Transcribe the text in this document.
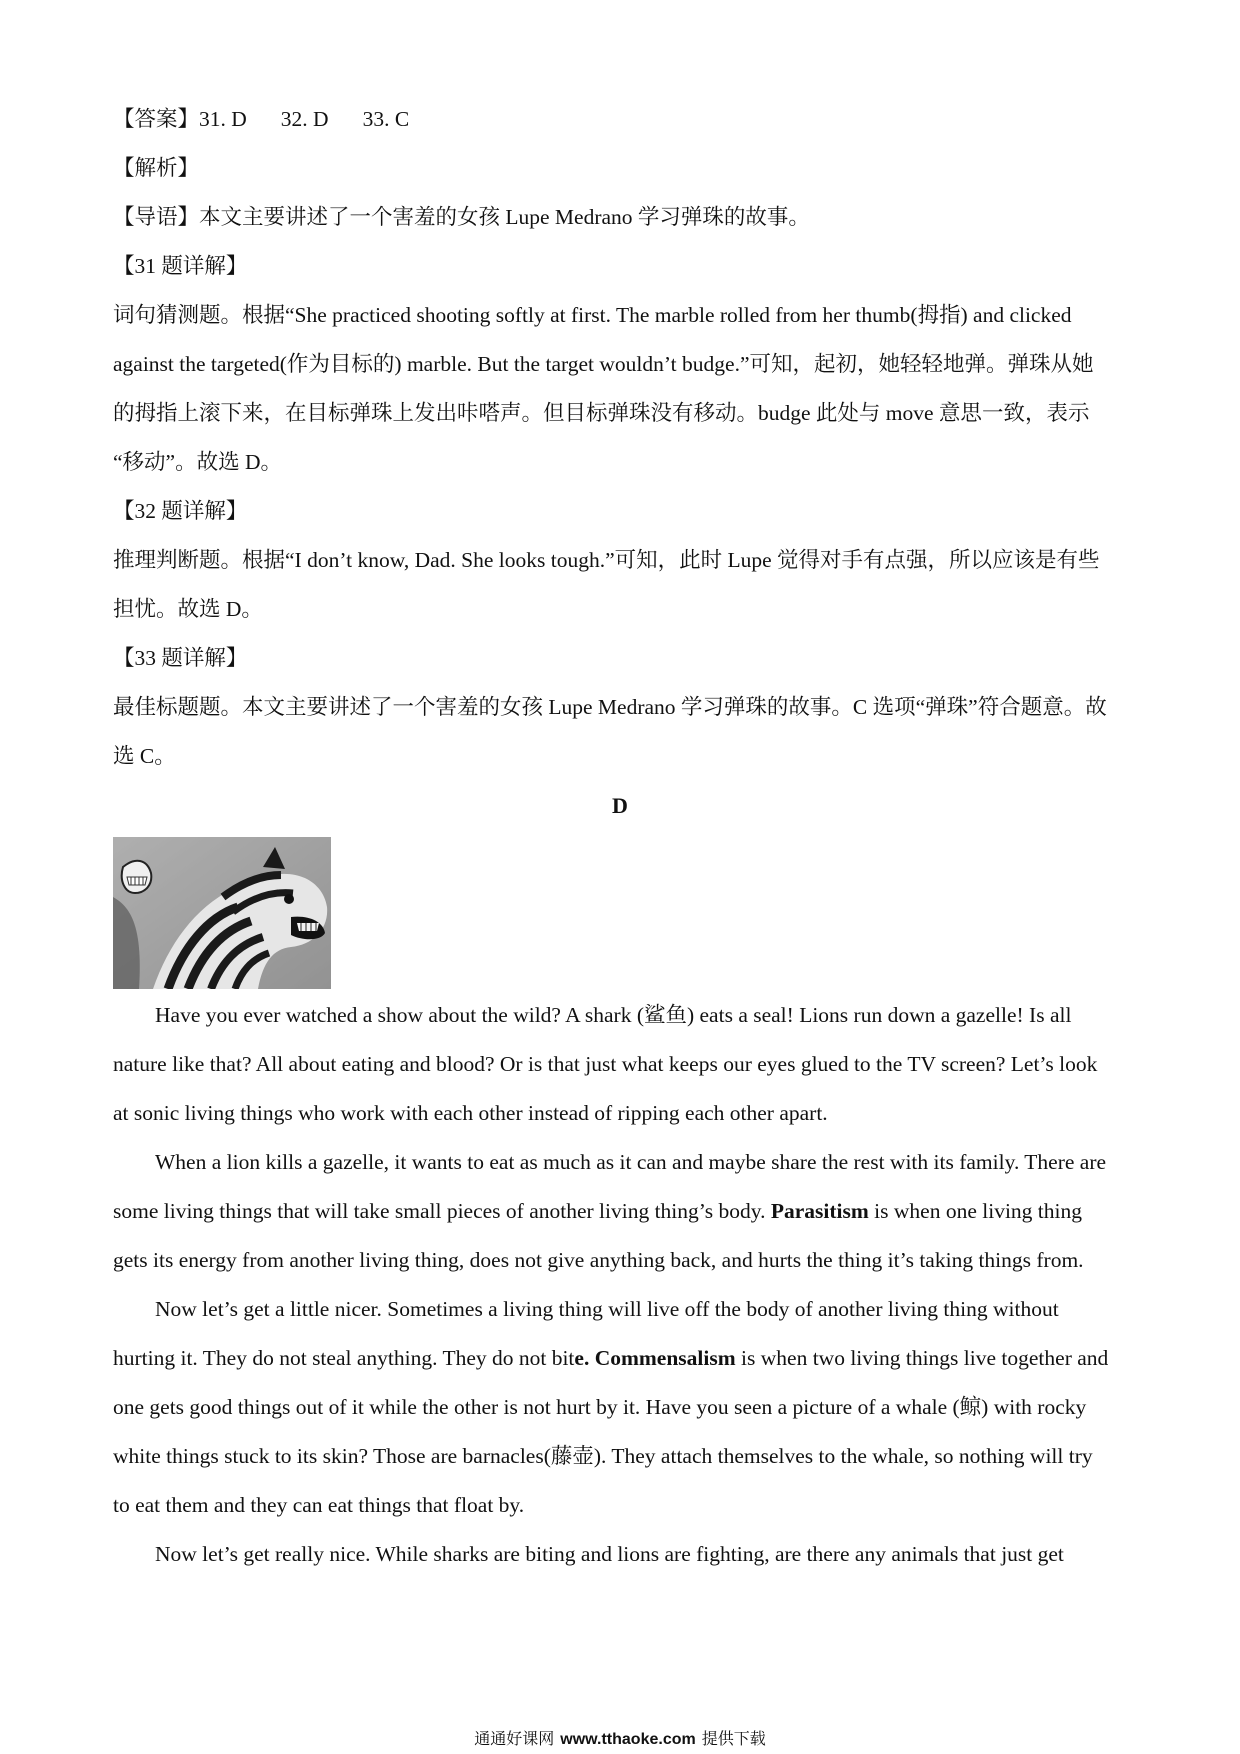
【答案】31. D 32. D 33. C
【解析】
【导语】本文主要讲述了一个害羞的女孩 Lupe Medrano 学习弹珠的故事。
【31 题详解】
词句猜测题。根据“She practiced shooting softly at first. The marble rolled from her thumb(拇指) and clicked
against the targeted(作为目标的) marble. But the target wouldn’t budge.”可知，起初，她轻轻地弹。弹珠从她
的拇指上滚下来，在目标弹珠上发出咔嗒声。但目标弹珠没有移动。budge 此处与 move 意思一致，表示
“移动”。故选 D。
【32 题详解】
推理判断题。根据“I don’t know, Dad. She looks tough.”可知，此时 Lupe 觉得对手有点强，所以应该是有些
担忧。故选 D。
【33 题详解】
最佳标题题。本文主要讲述了一个害羞的女孩 Lupe Medrano 学习弹珠的故事。C 选项“弹珠”符合题意。故
选 C。
D
Have you ever watched a show about the wild? A shark (鲨鱼) eats a seal! Lions run down a gazelle! Is all
nature like that? All about eating and blood? Or is that just what keeps our eyes glued to the TV screen? Let’s look
at sonic living things who work with each other instead of ripping each other apart.
When a lion kills a gazelle, it wants to eat as much as it can and maybe share the rest with its family. There are
some living things that will take small pieces of another living thing’s body. Parasitism is when one living thing
gets its energy from another living thing, does not give anything back, and hurts the thing it’s taking things from.
Now let’s get a little nicer. Sometimes a living thing will live off the body of another living thing without
hurting it. They do not steal anything. They do not bite. Commensalism is when two living things live together and
one gets good things out of it while the other is not hurt by it. Have you seen a picture of a whale (鲸) with rocky
white things stuck to its skin? Those are barnacles(藤壶). They attach themselves to the whale, so nothing will try
to eat them and they can eat things that float by.
Now let’s get really nice. While sharks are biting and lions are fighting, are there any animals that just get
通通好课网 www.tthaoke.com 提供下载
